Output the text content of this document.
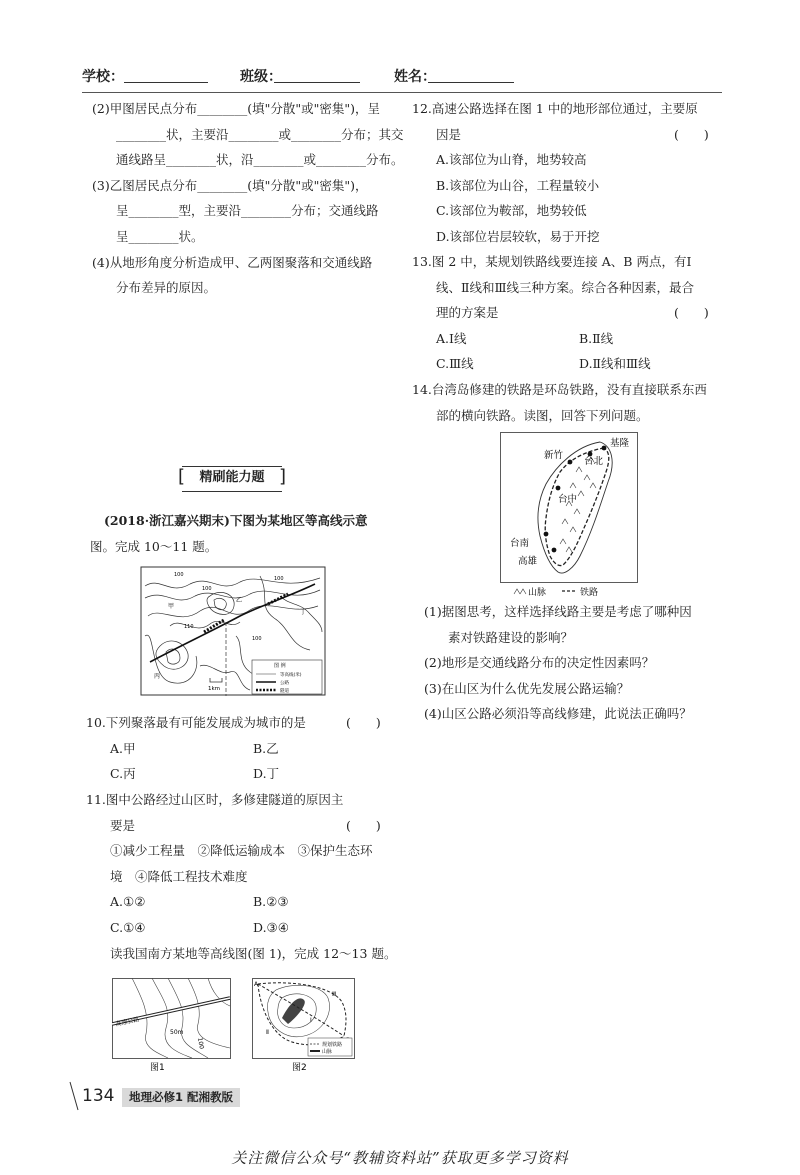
学校：	班级：	姓名：

(2)甲图居民点分布________(填"分散"或"密集")，呈

________状，主要沿________或________分布；其交

通线路呈________状，沿________或________分布。

(3)乙图居民点分布________(填"分散"或"密集")，

呈________型，主要沿________分布；交通线路

呈________状。

(4)从地形角度分析造成甲、乙两图聚落和交通线路

分布差异的原因。

[ 精刷能力题 ]

(2018·浙江嘉兴期末)下图为某地区等高线示意

图。完成 10～11 题。

100
100
110
100
100
甲
乙
丙
丁
1km
图 例
等高线(米)
公路
隧道

10.下列聚落最有可能发展成为城市的是	(　　)

A.甲	B.乙
C.丙	D.丁

11.图中公路经过山区时，多修建隧道的原因主

要是	(　　)

①减少工程量　②降低运输成本　③保护生态环

境　④降低工程技术难度

A.①②	B.②③
C.①④	D.③④

读我国南方某地等高线图(图 1)，完成 12～13 题。

高速公路
50m
100
图1
A
Ⅰ
Ⅱ
Ⅲ
规划铁路
山脉
图2

12.高速公路选择在图 1 中的地形部位通过，主要原

因是	(　　)

A.该部位为山脊，地势较高

B.该部位为山谷，工程量较小

C.该部位为鞍部，地势较低

D.该部位岩层较软，易于开挖

13.图 2 中，某规划铁路线要连接 A、B 两点，有Ⅰ

线、Ⅱ线和Ⅲ线三种方案。综合各种因素，最合

理的方案是	(　　)

A.Ⅰ线	B.Ⅱ线
C.Ⅲ线	D.Ⅱ线和Ⅲ线

14.台湾岛修建的铁路是环岛铁路，没有直接联系东西

部的横向铁路。读图，回答下列问题。

基隆
新竹
台北
台中
台南
高雄
山脉	铁路

(1)据图思考，这样选择线路主要是考虑了哪种因

素对铁路建设的影响？

(2)地形是交通线路分布的决定性因素吗？

(3)在山区为什么优先发展公路运输？

(4)山区公路必须沿等高线修建，此说法正确吗？

134	地理必修1 配湘教版
关注微信公众号“教辅资料站”获取更多学习资料
